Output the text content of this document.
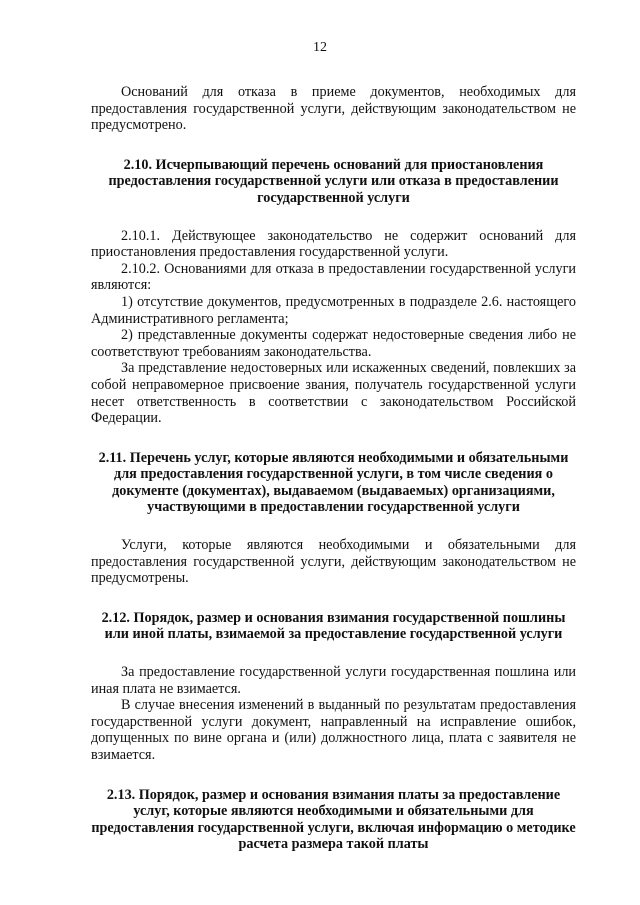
12

Оснований для отказа в приеме документов, необходимых для предоставления государственной услуги, действующим законодательством не предусмотрено.

2.10. Исчерпывающий перечень оснований для приостановления предоставления государственной услуги или отказа в предоставлении государственной услуги

2.10.1. Действующее законодательство не содержит оснований для приостановления предоставления государственной услуги.

2.10.2. Основаниями для отказа в предоставлении государственной услуги являются:

1) отсутствие документов, предусмотренных в подразделе 2.6. настоящего Административного регламента;

2) представленные документы содержат недостоверные сведения либо не соответствуют требованиям законодательства.

За представление недостоверных или искаженных сведений, повлекших за собой неправомерное присвоение звания, получатель государственной услуги несет ответственность в соответствии с законодательством Российской Федерации.

2.11. Перечень услуг, которые являются необходимыми и обязательными для предоставления государственной услуги, в том числе сведения о документе (документах), выдаваемом (выдаваемых) организациями, участвующими в предоставлении государственной услуги

Услуги, которые являются необходимыми и обязательными для предоставления государственной услуги, действующим законодательством не предусмотрены.

2.12. Порядок, размер и основания взимания государственной пошлины или иной платы, взимаемой за предоставление государственной услуги

За предоставление государственной услуги государственная пошлина или иная плата не взимается.

В случае внесения изменений в выданный по результатам предоставления государственной услуги документ, направленный на исправление ошибок, допущенных по вине органа и (или) должностного лица, плата с заявителя не взимается.

2.13. Порядок, размер и основания взимания платы за предоставление услуг, которые являются необходимыми и обязательными для предоставления государственной услуги, включая информацию о методике расчета размера такой платы
